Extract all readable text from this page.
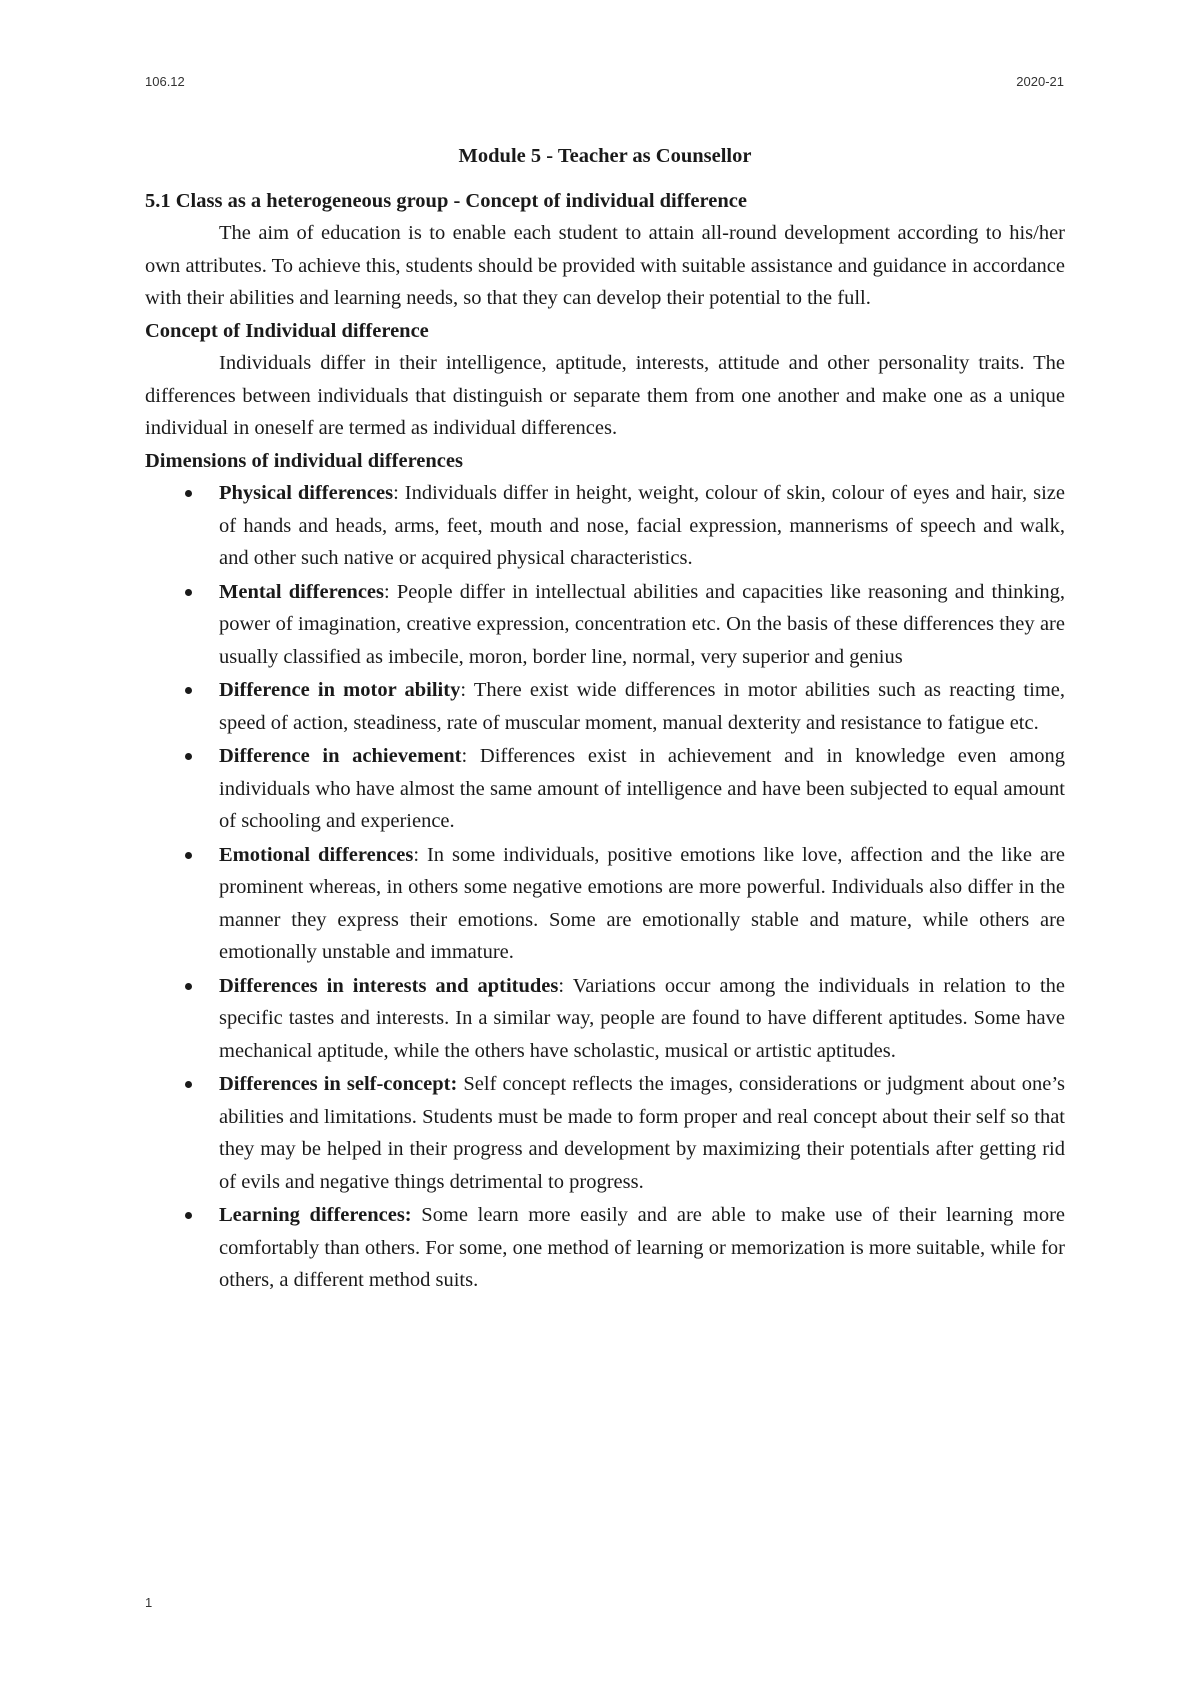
106.12	2020-21

Module 5 - Teacher as Counsellor

5.1 Class as a heterogeneous group - Concept of individual difference

The aim of education is to enable each student to attain all-round development according to his/her own attributes. To achieve this, students should be provided with suitable assistance and guidance in accordance with their abilities and learning needs, so that they can develop their potential to the full.

Concept of Individual difference

Individuals differ in their intelligence, aptitude, interests, attitude and other personality traits. The differences between individuals that distinguish or separate them from one another and make one as a unique individual in oneself are termed as individual differences.

Dimensions of individual differences

Physical differences: Individuals differ in height, weight, colour of skin, colour of eyes and hair, size of hands and heads, arms, feet, mouth and nose, facial expression, mannerisms of speech and walk, and other such native or acquired physical characteristics.
Mental differences: People differ in intellectual abilities and capacities like reasoning and thinking, power of imagination, creative expression, concentration etc. On the basis of these differences they are usually classified as imbecile, moron, border line, normal, very superior and genius
Difference in motor ability: There exist wide differences in motor abilities such as reacting time, speed of action, steadiness, rate of muscular moment, manual dexterity and resistance to fatigue etc.
Difference in achievement: Differences exist in achievement and in knowledge even among individuals who have almost the same amount of intelligence and have been subjected to equal amount of schooling and experience.
Emotional differences: In some individuals, positive emotions like love, affection and the like are prominent whereas, in others some negative emotions are more powerful. Individuals also differ in the manner they express their emotions. Some are emotionally stable and mature, while others are emotionally unstable and immature.
Differences in interests and aptitudes: Variations occur among the individuals in relation to the specific tastes and interests. In a similar way, people are found to have different aptitudes. Some have mechanical aptitude, while the others have scholastic, musical or artistic aptitudes.
Differences in self-concept: Self concept reflects the images, considerations or judgment about one’s abilities and limitations. Students must be made to form proper and real concept about their self so that they may be helped in their progress and development by maximizing their potentials after getting rid of evils and negative things detrimental to progress.
Learning differences: Some learn more easily and are able to make use of their learning more comfortably than others. For some, one method of learning or memorization is more suitable, while for others, a different method suits.
1
